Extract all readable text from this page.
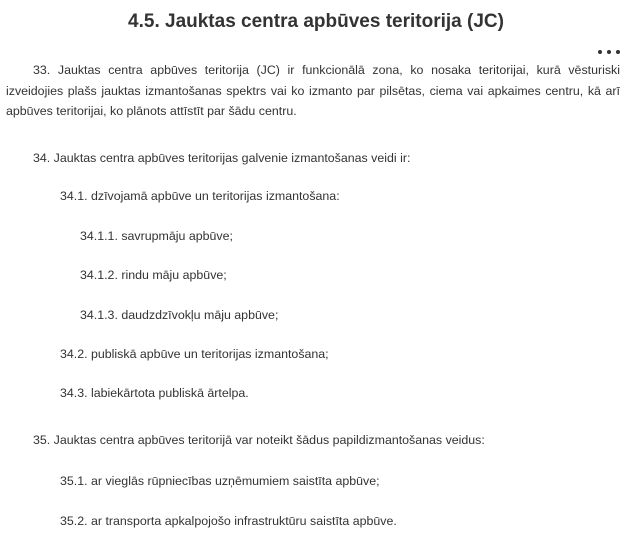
4.5. Jauktas centra apbūves teritorija (JC)

33. Jauktas centra apbūves teritorija (JC) ir funkcionālā zona, ko nosaka teritorijai, kurā vēsturiski izveidojies plašs jauktas izmantošanas spektrs vai ko izmanto par pilsētas, ciema vai apkaimes centru, kā arī apbūves teritorijai, ko plānots attīstīt par šādu centru.

34. Jauktas centra apbūves teritorijas galvenie izmantošanas veidi ir:

34.1. dzīvojamā apbūve un teritorijas izmantošana:

34.1.1. savrupmāju apbūve;

34.1.2. rindu māju apbūve;

34.1.3. daudzdzīvokļu māju apbūve;

34.2. publiskā apbūve un teritorijas izmantošana;

34.3. labiekārtota publiskā ārtelpa.

35. Jauktas centra apbūves teritorijā var noteikt šādus papildizmantošanas veidus:

35.1. ar vieglās rūpniecības uzņēmumiem saistīta apbūve;

35.2. ar transporta apkalpojošo infrastruktūru saistīta apbūve.
